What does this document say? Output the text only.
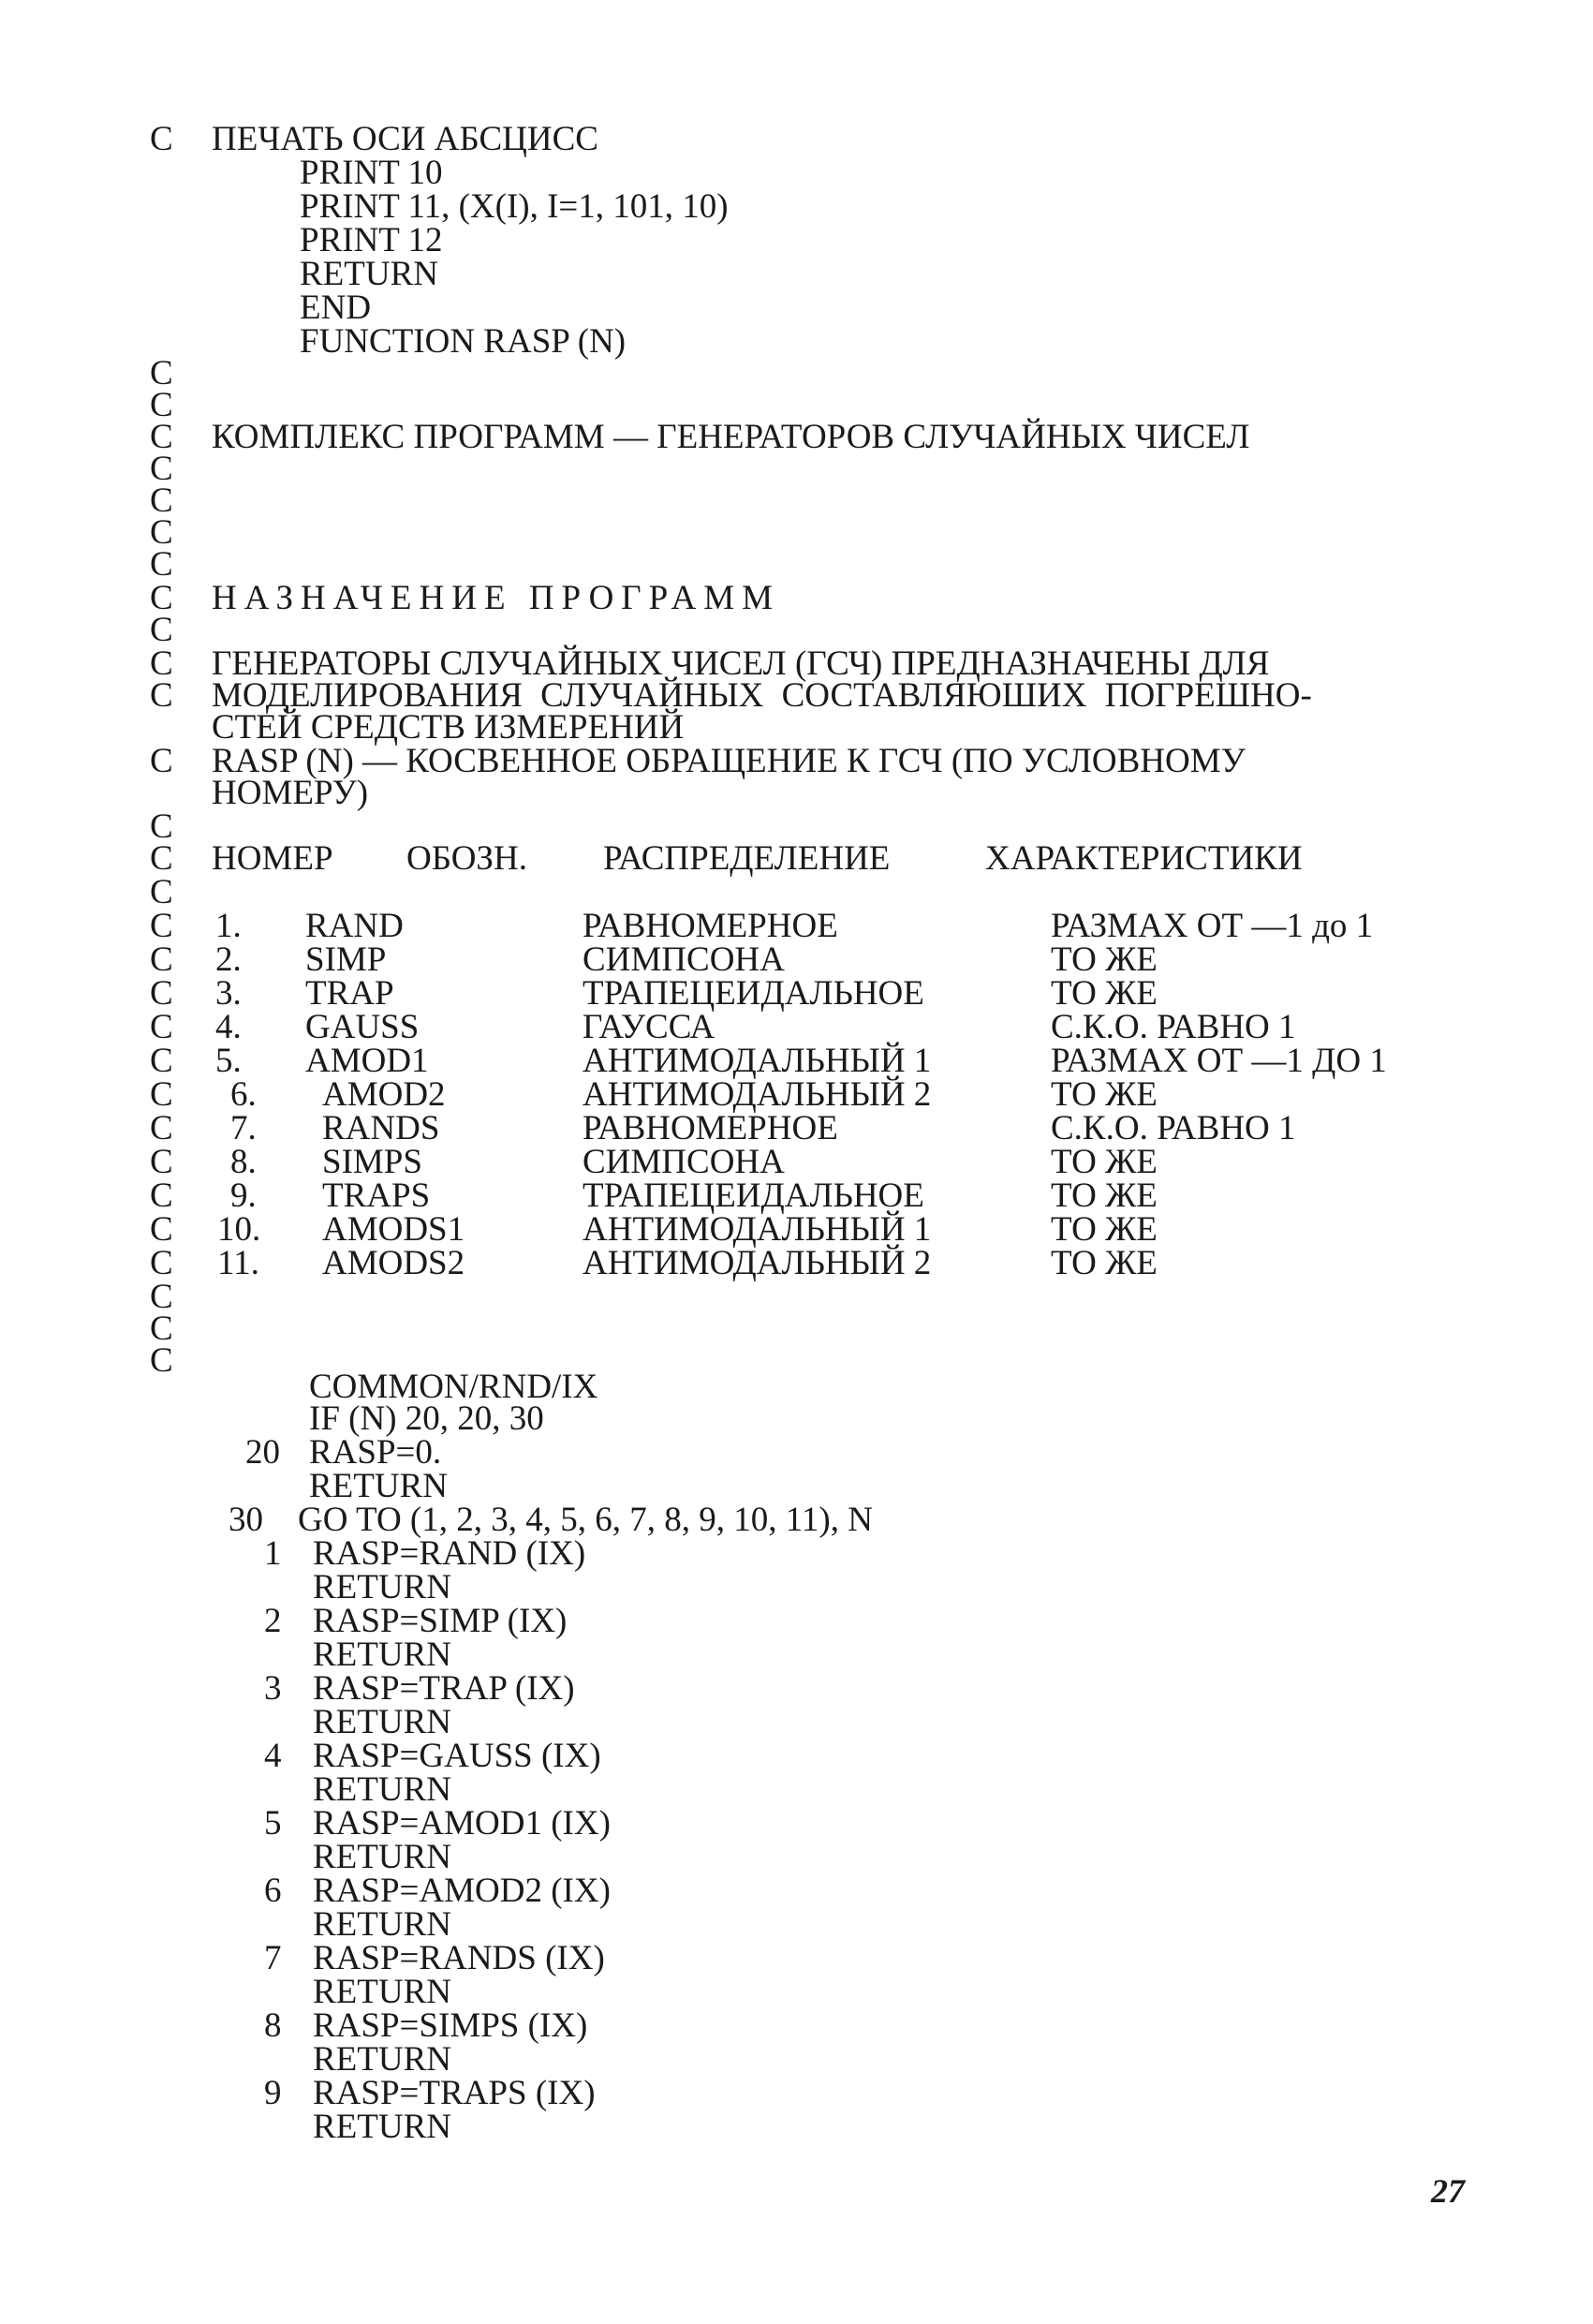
C ПЕЧАТЬ ОСИ АБСЦИСС
PRINT 10
PRINT 11, (X(I), I=1, 101, 10)
PRINT 12
RETURN
END
FUNCTION RASP (N)
C
C
C
C
C
C
C
C
C
C
C
C
C
C
C
C
C
C
C
C
C
C
C
C
C
C
C
C
C
КОМПЛЕКС ПРОГРАММ — ГЕНЕРАТОРОВ СЛУЧАЙНЫХ ЧИСЕЛ
НАЗНАЧЕНИЕ ПРОГРАММ
ГЕНЕРАТОРЫ СЛУЧАЙНЫХ ЧИСЕЛ (ГСЧ) ПРЕДНАЗНАЧЕНЫ ДЛЯ
МОДЕЛИРОВАНИЯ СЛУЧАЙНЫХ СОСТАВЛЯЮШИХ ПОГРЕШНО-
СТЕЙ СРЕДСТВ ИЗМЕРЕНИЙ
RASP (N) — КОСВЕННОЕ ОБРАЩЕНИЕ К ГСЧ (ПО УСЛОВНОМУ
НОМЕРУ)
НОМЕР ОБОЗН. РАСПРЕДЕЛЕНИЕ	ХАРАКТЕРИСТИКИ
1. RAND	РАВНОМЕРНОЕ	РАЗМАХ ОТ —1 до 1
2. SIMP	СИМПСОНА	ТО ЖЕ
3. TRAP	ТРАПЕЦЕИДАЛЬНОЕ	ТО ЖЕ
4. GAUSS	ГАУССА	С.К.О. РАВНО 1
5. AMOD1	АНТИМОДАЛЬНЫЙ 1	РАЗМАХ ОТ —1 ДО 1
6. AMOD2	АНТИМОДАЛЬНЫЙ 2	ТО ЖЕ
7. RANDS	РАВНОМЕРНОЕ	С.К.О. РАВНО 1
8. SIMPS	СИМПСОНА	ТО ЖЕ
9. TRAPS	ТРАПЕЦЕИДАЛЬНОЕ	ТО ЖЕ
10. AMODS1	АНТИМОДАЛЬНЫЙ 1	ТО ЖЕ
11. AMODS2	АНТИМОДАЛЬНЫЙ 2	ТО ЖЕ
COMMON/RND/IX
IF (N) 20, 20, 30
20 RASP=0.
RETURN
30 GO TO (1, 2, 3, 4, 5, 6, 7, 8, 9, 10, 11), N
1 RASP=RAND (IX)
RETURN
2 RASP=SIMP (IX)
RETURN
3 RASP=TRAP (IX)
RETURN
4 RASP=GAUSS (IX)
RETURN
5 RASP=AMOD1 (IX)
RETURN
6 RASP=AMOD2 (IX)
RETURN
7 RASP=RANDS (IX)
RETURN
8 RASP=SIMPS (IX)
RETURN
9 RASP=TRAPS (IX)
RETURN
27
